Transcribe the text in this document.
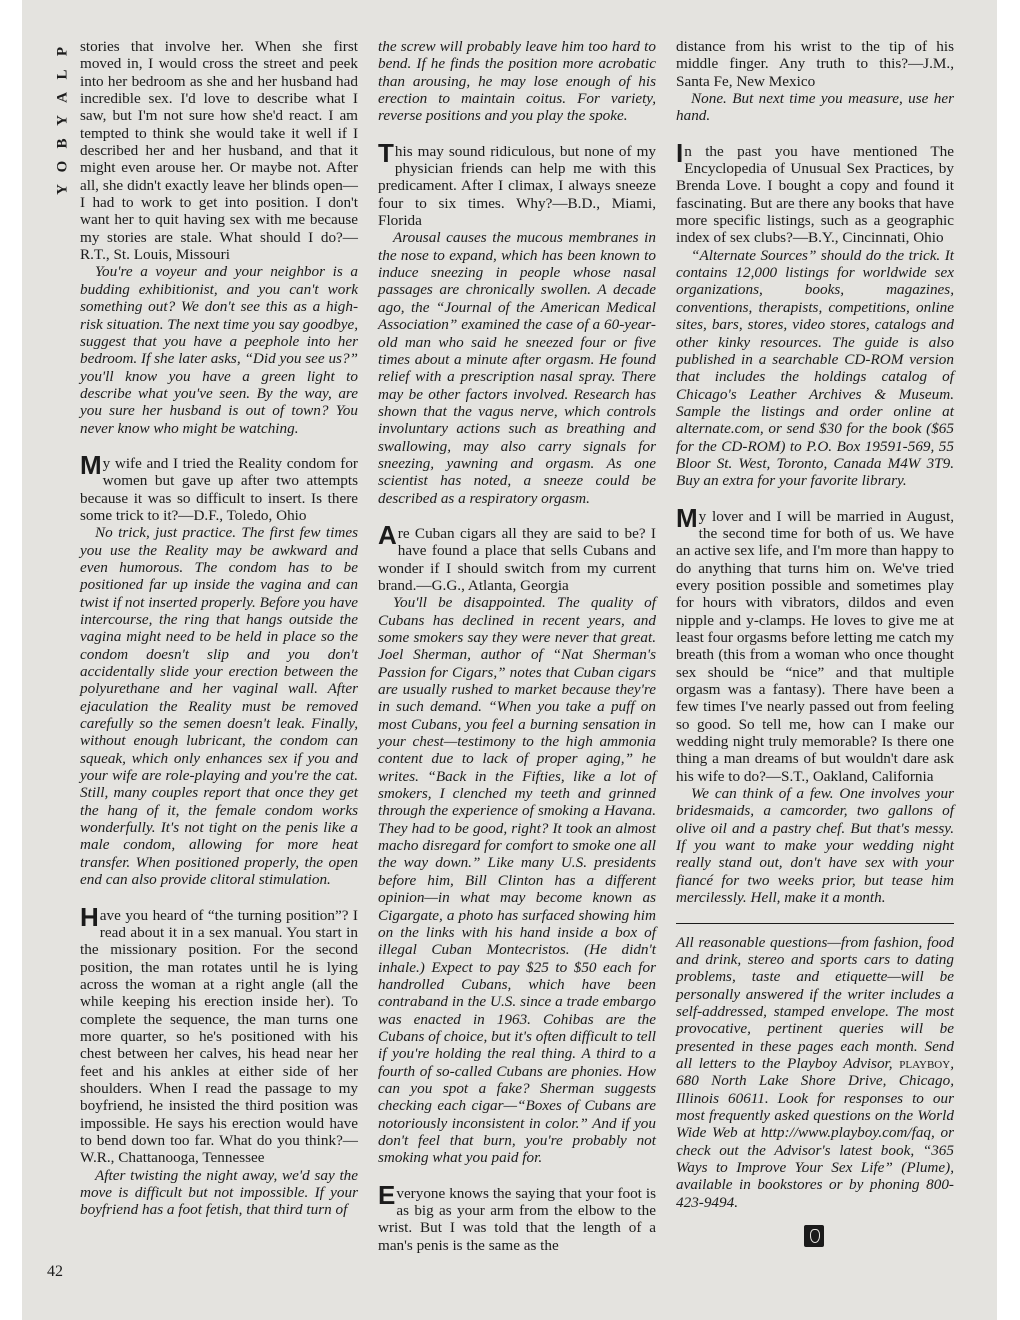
P
L
A
Y
B
O
Y
42

stories that involve her. When she first moved in, I would cross the street and peek into her bedroom as she and her husband had incredible sex. I'd love to describe what I saw, but I'm not sure how she'd react. I am tempted to think she would take it well if I described her and her husband, and that it might even arouse her. Or maybe not. After all, she didn't exactly leave her blinds open—I had to work to get into position. I don't want her to quit having sex with me because my stories are stale. What should I do?—R.T., St. Louis, Missouri

You're a voyeur and your neighbor is a budding exhibitionist, and you can't work something out? We don't see this as a high-risk situation. The next time you say goodbye, suggest that you have a peephole into her bedroom. If she later asks, “Did you see us?” you'll know you have a green light to describe what you've seen. By the way, are you sure her husband is out of town? You never know who might be watching.

My wife and I tried the Reality condom for women but gave up after two attempts because it was so difficult to insert. Is there some trick to it?—D.F., Toledo, Ohio

No trick, just practice. The first few times you use the Reality may be awkward and even humorous. The condom has to be positioned far up inside the vagina and can twist if not inserted properly. Before you have intercourse, the ring that hangs outside the vagina might need to be held in place so the condom doesn't slip and you don't accidentally slide your erection between the polyurethane and her vaginal wall. After ejaculation the Reality must be removed carefully so the semen doesn't leak. Finally, without enough lubricant, the condom can squeak, which only enhances sex if you and your wife are role-playing and you're the cat. Still, many couples report that once they get the hang of it, the female condom works wonderfully. It's not tight on the penis like a male condom, allowing for more heat transfer. When positioned properly, the open end can also provide clitoral stimulation.

Have you heard of “the turning position”? I read about it in a sex manual. You start in the missionary position. For the second position, the man rotates until he is lying across the woman at a right angle (all the while keeping his erection inside her). To complete the sequence, the man turns one more quarter, so he's positioned with his chest between her calves, his head near her feet and his ankles at either side of her shoulders. When I read the passage to my boyfriend, he insisted the third position was impossible. He says his erection would have to bend down too far. What do you think?—W.R., Chattanooga, Tennessee

After twisting the night away, we'd say the move is difficult but not impossible. If your boyfriend has a foot fetish, that third turn of

the screw will probably leave him too hard to bend. If he finds the position more acrobatic than arousing, he may lose enough of his erection to maintain coitus. For variety, reverse positions and you play the spoke.

This may sound ridiculous, but none of my physician friends can help me with this predicament. After I climax, I always sneeze four to six times. Why?—B.D., Miami, Florida

Arousal causes the mucous membranes in the nose to expand, which has been known to induce sneezing in people whose nasal passages are chronically swollen. A decade ago, the “Journal of the American Medical Association” examined the case of a 60-year-old man who said he sneezed four or five times about a minute after orgasm. He found relief with a prescription nasal spray. There may be other factors involved. Research has shown that the vagus nerve, which controls involuntary actions such as breathing and swallowing, may also carry signals for sneezing, yawning and orgasm. As one scientist has noted, a sneeze could be described as a respiratory orgasm.

Are Cuban cigars all they are said to be? I have found a place that sells Cubans and wonder if I should switch from my current brand.—G.G., Atlanta, Georgia

You'll be disappointed. The quality of Cubans has declined in recent years, and some smokers say they were never that great. Joel Sherman, author of “Nat Sherman's Passion for Cigars,” notes that Cuban cigars are usually rushed to market because they're in such demand. “When you take a puff on most Cubans, you feel a burning sensation in your chest—testimony to the high ammonia content due to lack of proper aging,” he writes. “Back in the Fifties, like a lot of smokers, I clenched my teeth and grinned through the experience of smoking a Havana. They had to be good, right? It took an almost macho disregard for comfort to smoke one all the way down.” Like many U.S. presidents before him, Bill Clinton has a different opinion—in what may become known as Cigargate, a photo has surfaced showing him on the links with his hand inside a box of illegal Cuban Montecristos. (He didn't inhale.) Expect to pay $25 to $50 each for handrolled Cubans, which have been contraband in the U.S. since a trade embargo was enacted in 1963. Cohibas are the Cubans of choice, but it's often difficult to tell if you're holding the real thing. A third to a fourth of so-called Cubans are phonies. How can you spot a fake? Sherman suggests checking each cigar—“Boxes of Cubans are notoriously inconsistent in color.” And if you don't feel that burn, you're probably not smoking what you paid for.

Everyone knows the saying that your foot is as big as your arm from the elbow to the wrist. But I was told that the length of a man's penis is the same as the

distance from his wrist to the tip of his middle finger. Any truth to this?—J.M., Santa Fe, New Mexico

None. But next time you measure, use her hand.

In the past you have mentioned The Encyclopedia of Unusual Sex Practices, by Brenda Love. I bought a copy and found it fascinating. But are there any books that have more specific listings, such as a geographic index of sex clubs?—B.Y., Cincinnati, Ohio

“Alternate Sources” should do the trick. It contains 12,000 listings for worldwide sex organizations, books, magazines, conventions, therapists, competitions, online sites, bars, stores, video stores, catalogs and other kinky resources. The guide is also published in a searchable CD-ROM version that includes the holdings catalog of Chicago's Leather Archives & Museum. Sample the listings and order online at alternate.com, or send $30 for the book ($65 for the CD-ROM) to P.O. Box 19591-569, 55 Bloor St. West, Toronto, Canada M4W 3T9. Buy an extra for your favorite library.

My lover and I will be married in August, the second time for both of us. We have an active sex life, and I'm more than happy to do anything that turns him on. We've tried every position possible and sometimes play for hours with vibrators, dildos and even nipple and y-clamps. He loves to give me at least four orgasms before letting me catch my breath (this from a woman who once thought sex should be “nice” and that multiple orgasm was a fantasy). There have been a few times I've nearly passed out from feeling so good. So tell me, how can I make our wedding night truly memorable? Is there one thing a man dreams of but wouldn't dare ask his wife to do?—S.T., Oakland, California

We can think of a few. One involves your bridesmaids, a camcorder, two gallons of olive oil and a pastry chef. But that's messy. If you want to make your wedding night really stand out, don't have sex with your fiancé for two weeks prior, but tease him mercilessly. Hell, make it a month.

All reasonable questions—from fashion, food and drink, stereo and sports cars to dating problems, taste and etiquette—will be personally answered if the writer includes a self-addressed, stamped envelope. The most provocative, pertinent queries will be presented in these pages each month. Send all letters to the Playboy Advisor, playboy, 680 North Lake Shore Drive, Chicago, Illinois 60611. Look for responses to our most frequently asked questions on the World Wide Web at http://www.playboy.com/faq, or check out the Advisor's latest book, “365 Ways to Improve Your Sex Life” (Plume), available in bookstores or by phoning 800-423-9494.
